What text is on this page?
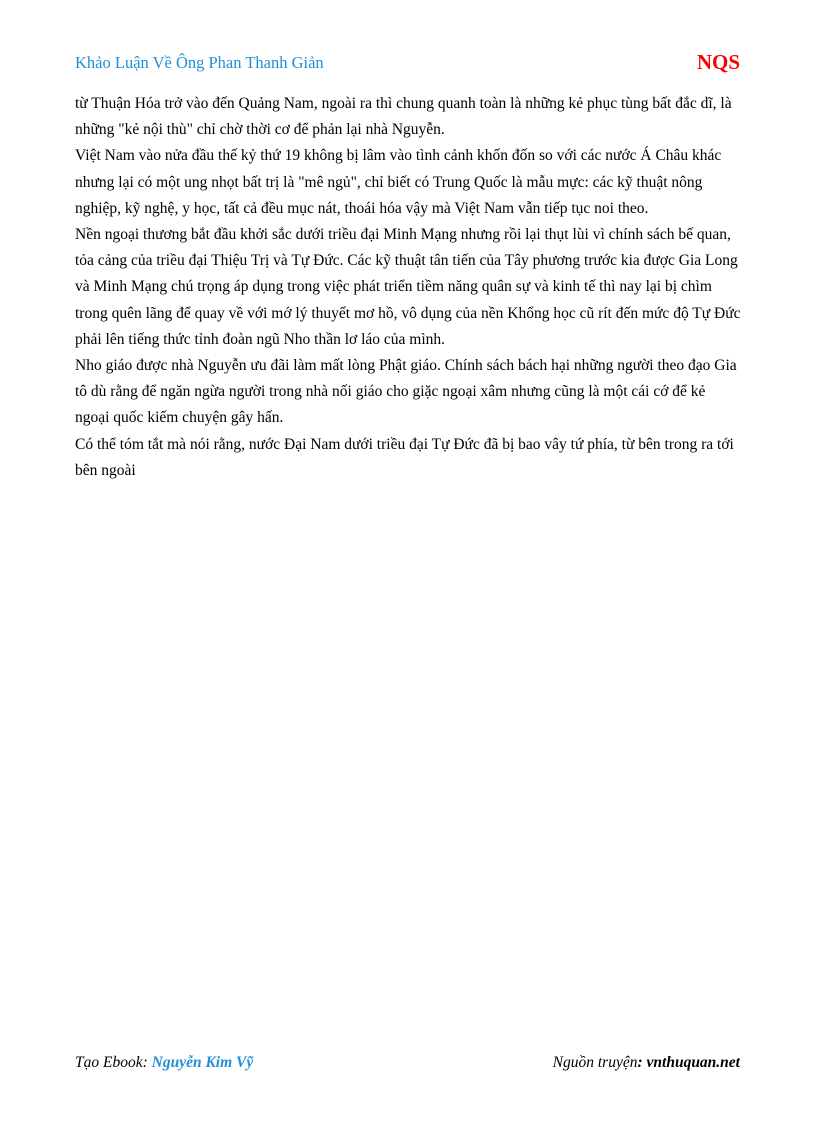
Khảo Luận Về Ông Phan Thanh Giản	NQS

từ Thuận Hóa trở vào đến Quảng Nam, ngoài ra thì chung quanh toàn là những kẻ phục tùng bất đắc dĩ, là những "kẻ nội thù" chỉ chờ thời cơ để phản lại nhà Nguyễn.

Việt Nam vào nửa đầu thế kỷ thứ 19 không bị lâm vào tình cảnh khốn đốn so với các nước Á Châu khác nhưng lại có một ung nhọt bất trị là "mê ngủ", chỉ biết có Trung Quốc là mẫu mực: các kỹ thuật nông nghiệp, kỹ nghệ, y học, tất cả đều mục nát, thoái hóa vậy mà Việt Nam vẫn tiếp tục noi theo.

Nền ngoại thương bắt đầu khởi sắc dưới triều đại Minh Mạng nhưng rồi lại thụt lùi vì chính sách bế quan, tỏa cảng của triều đại Thiệu Trị và Tự Đức. Các kỹ thuật tân tiến của Tây phương trước kia được Gia Long và Minh Mạng chú trọng áp dụng trong việc phát triển tiềm năng quân sự và kinh tế thì nay lại bị chìm trong quên lãng để quay về với mớ lý thuyết mơ hồ, vô dụng của nền Khổng học cũ rít đến mức độ Tự Đức phải lên tiếng thức tỉnh đoàn ngũ Nho thần lơ láo của mình.

Nho giáo được nhà Nguyễn ưu đãi làm mất lòng Phật giáo. Chính sách bách hại những người theo đạo Gia tô dù rằng để ngăn ngừa người trong nhà nối giáo cho giặc ngoại xâm nhưng cũng là một cái cớ để kẻ ngoại quốc kiếm chuyện gây hấn.

Có thể tóm tắt mà nói rằng, nước Đại Nam dưới triều đại Tự Đức đã bị bao vây tứ phía, từ bên trong ra tới bên ngoài

Tạo Ebook: Nguyễn Kim Vỹ	Nguồn truyện: vnthuquan.net
